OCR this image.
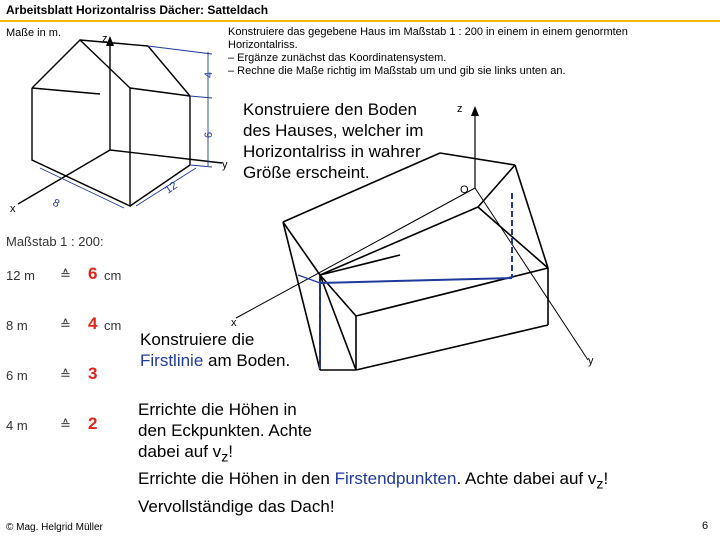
Arbeitsblatt Horizontalriss Dächer: Satteldach
Maße in m.	Konstruiere das gegebene Haus im Maßstab 1 : 200 in einem in einem genormten
Horizontalriss.
– Ergänze zunächst das Koordinatensystem.
– Rechne die Maße richtig im Maßstab um und gib sie links unten an.
z
y
x
4
6
12
8
z
O
x
y
Konstruiere den Boden
des Hauses, welcher im
Horizontalriss in wahrer
Größe erscheint.
Konstruiere die
Firstlinie am Boden.
Errichte die Höhen in
den Eckpunkten. Achte
dabei auf $v_z$!
Errichte die Höhen in den Firstendpunkten. Achte dabei auf $v_z$!
Vervollständige das Dach!
Maßstab 1 : 200:
12 m ≙ 6 cm
8 m ≙ 4 cm
6 m ≙ 3
4 m ≙ 2
© Mag. Helgrid Müller	6
